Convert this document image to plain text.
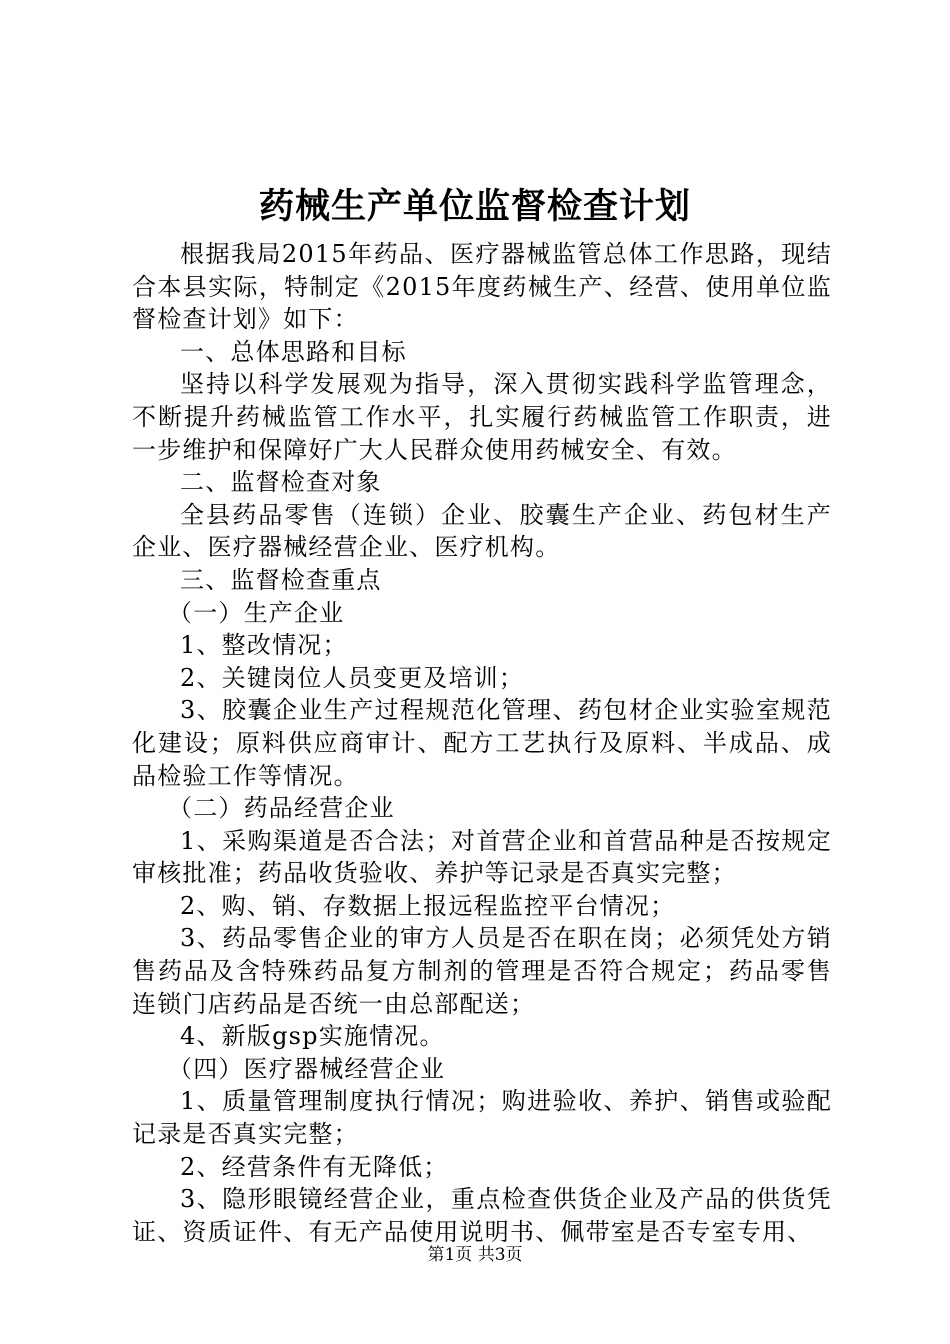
药械生产单位监督检查计划

根据我局2015年药品、医疗器械监管总体工作思路，现结合本县实际，特制定《2015年度药械生产、经营、使用单位监督检查计划》如下：

一、总体思路和目标

坚持以科学发展观为指导，深入贯彻实践科学监管理念，不断提升药械监管工作水平，扎实履行药械监管工作职责，进一步维护和保障好广大人民群众使用药械安全、有效。

二、监督检查对象

全县药品零售（连锁）企业、胶囊生产企业、药包材生产企业、医疗器械经营企业、医疗机构。

三、监督检查重点

（一）生产企业

1、整改情况；

2、关键岗位人员变更及培训；

3、胶囊企业生产过程规范化管理、药包材企业实验室规范化建设；原料供应商审计、配方工艺执行及原料、半成品、成品检验工作等情况。

（二）药品经营企业

1、采购渠道是否合法；对首营企业和首营品种是否按规定审核批准；药品收货验收、养护等记录是否真实完整；

2、购、销、存数据上报远程监控平台情况；

3、药品零售企业的审方人员是否在职在岗；必须凭处方销售药品及含特殊药品复方制剂的管理是否符合规定；药品零售连锁门店药品是否统一由总部配送；

4、新版gsp实施情况。

（四）医疗器械经营企业

1、质量管理制度执行情况；购进验收、养护、销售或验配记录是否真实完整；

2、经营条件有无降低；

3、隐形眼镜经营企业，重点检查供货企业及产品的供货凭证、资质证件、有无产品使用说明书、佩带室是否专室专用、

第1页 共3页
